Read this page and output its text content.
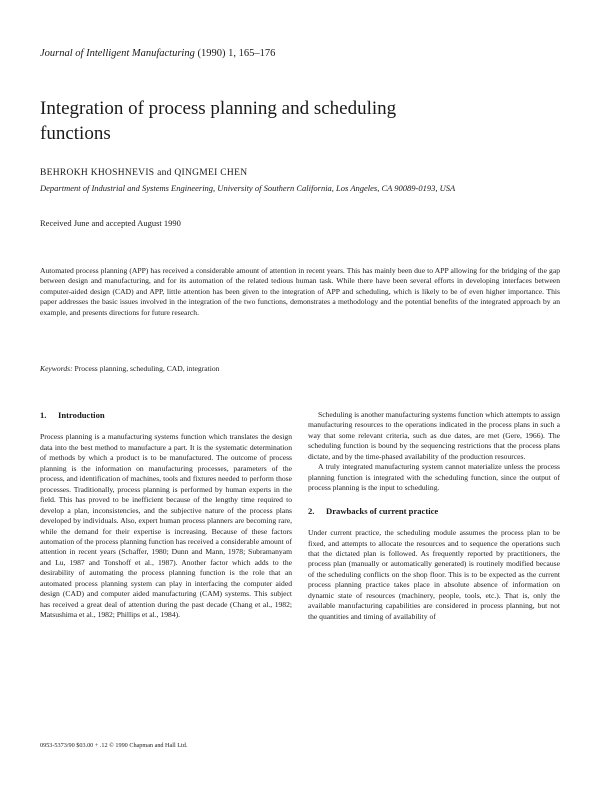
Journal of Intelligent Manufacturing (1990) 1, 165–176
Integration of process planning and scheduling functions
BEHROKH KHOSHNEVIS and QINGMEI CHEN
Department of Industrial and Systems Engineering, University of Southern California, Los Angeles, CA 90089-0193, USA
Received June and accepted August 1990
Automated process planning (APP) has received a considerable amount of attention in recent years. This has mainly been due to APP allowing for the bridging of the gap between design and manufacturing, and for its automation of the related tedious human task. While there have been several efforts in developing interfaces between computer-aided design (CAD) and APP, little attention has been given to the integration of APP and scheduling, which is likely to be of even higher importance. This paper addresses the basic issues involved in the integration of the two functions, demonstrates a methodology and the potential benefits of the integrated approach by an example, and presents directions for future research.
Keywords: Process planning, scheduling, CAD, integration
1. Introduction

Process planning is a manufacturing systems function which translates the design data into the best method to manufacture a part. It is the systematic determination of methods by which a product is to be manufactured. The outcome of process planning is the information on manufacturing processes, parameters of the process, and identification of machines, tools and fixtures needed to perform those processes. Traditionally, process planning is performed by human experts in the field. This has proved to be inefficient because of the lengthy time required to develop a plan, inconsistencies, and the subjective nature of the process plans developed by individuals. Also, expert human process planners are becoming rare, while the demand for their expertise is increasing. Because of these factors automation of the process planning function has received a considerable amount of attention in recent years (Schaffer, 1980; Dunn and Mann, 1978; Subramanyam and Lu, 1987 and Tonshoff et al., 1987). Another factor which adds to the desirability of automating the process planning function is the role that an automated process planning system can play in interfacing the computer aided design (CAD) and computer aided manufacturing (CAM) systems. This subject has received a great deal of attention during the past decade (Chang et al., 1982; Matsushima et al., 1982; Phillips et al., 1984).

Scheduling is another manufacturing systems function which attempts to assign manufacturing resources to the operations indicated in the process plans in such a way that some relevant criteria, such as due dates, are met (Gere, 1966). The scheduling function is bound by the sequencing restrictions that the process plans dictate, and by the time-phased availability of the production resources.

A truly integrated manufacturing system cannot materialize unless the process planning function is integrated with the scheduling function, since the output of process planning is the input to scheduling.

2. Drawbacks of current practice

Under current practice, the scheduling module assumes the process plan to be fixed, and attempts to allocate the resources and to sequence the operations such that the dictated plan is followed. As frequently reported by practitioners, the process plan (manually or automatically generated) is routinely modified because of the scheduling conflicts on the shop floor. This is to be expected as the current process planning practice takes place in absolute absence of information on dynamic state of resources (machinery, people, tools, etc.). That is, only the available manufacturing capabilities are considered in process planning, but not the quantities and timing of availability of

0953-5373/90 $03.00 + .12 © 1990 Chapman and Hall Ltd.
